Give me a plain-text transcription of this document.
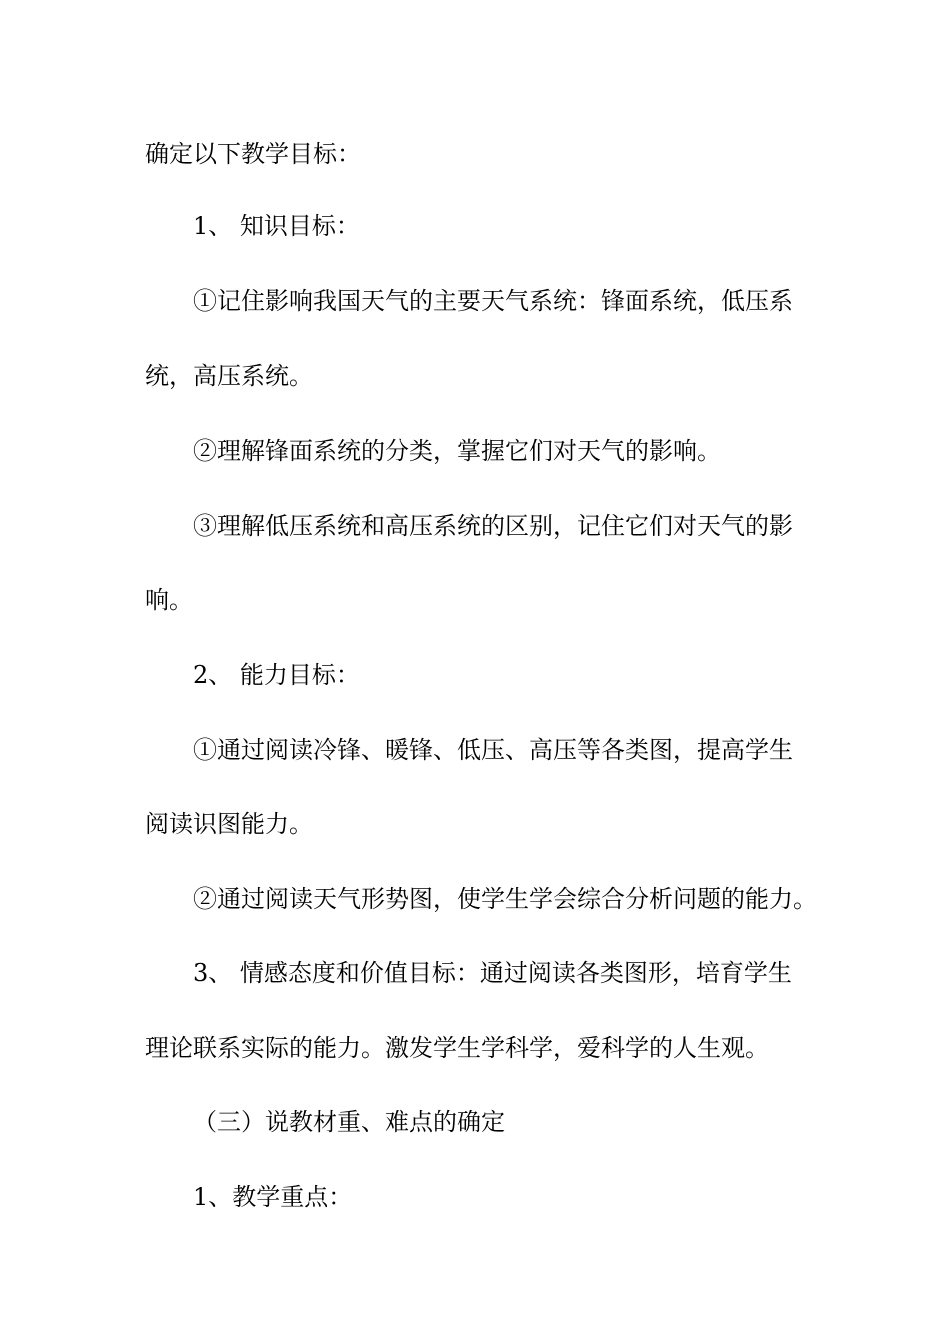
确定以下教学目标：
1、 知识目标：
①记住影响我国天气的主要天气系统：锋面系统，低压系
统，高压系统。
②理解锋面系统的分类，掌握它们对天气的影响。
③理解低压系统和高压系统的区别，记住它们对天气的影
响。
2、 能力目标：
①通过阅读冷锋、暖锋、低压、高压等各类图，提高学生
阅读识图能力。
②通过阅读天气形势图，使学生学会综合分析问题的能力。
3、 情感态度和价值目标：通过阅读各类图形，培育学生
理论联系实际的能力。激发学生学科学，爱科学的人生观。
（三）说教材重、难点的确定
1、教学重点：
